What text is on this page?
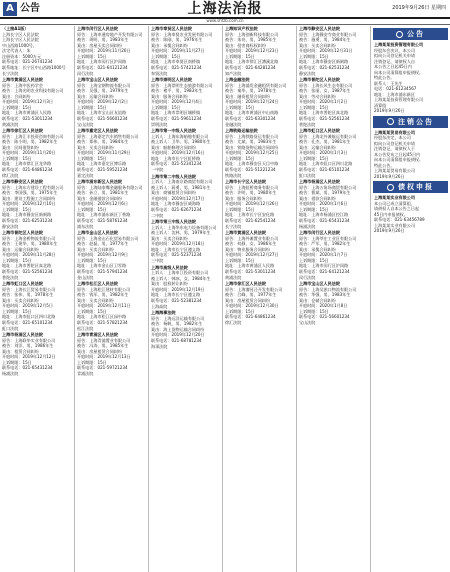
A 公告	上海法治报	2019年9月26日 星期四
www.shfzb.com.cn
（上接A1版）
上海长宁区人民法院
上海长宁区人民法院
中山西路1000号，
法定代表人：朱
注册资本：5000万元
联系电话：021-26741234
联系地址：长宁区中山西路1000号
长宁法院
上海市黄浦区人民法院
原告：上海中医药学会
被告：上海光明农业科技有限公司
案由：合同纠纷
开庭时间：2019年12月3日
上诉期限：15日
地址：上海市黄浦区人民路
联系电话：021-53011234
黄浦法院
上海市徐汇区人民法院
原告：上海汇丰投资咨询有限公司
被告：陈小明，男，1982年生
案由：民间借贷纠纷
开庭时间：2019年11月20日
上诉期限：15日
地址：上海市徐汇区龙华路
联系电话：021-64861234
徐汇法院
上海市静安区人民法院
原告：上海东方建设工程有限公司
被告：李国强，男，1975年生
案由：建设工程施工合同纠纷
开庭时间：2019年12月10日
上诉期限：15日
地址：上海市静安区新闸路
联系电话：021-62531234
静安法院
上海市普陀区人民法院
原告：上海金桥物流有限公司
被告：王建华，男，1980年生
案由：运输合同纠纷
开庭时间：2019年11月28日
上诉期限：15日
地址：上海市普陀区真北路
联系电话：021-52561234
普陀法院
上海市虹口区人民法院
原告：上海长江贸易有限公司
被告：张伟，男，1978年生
案由：买卖合同纠纷
开庭时间：2019年12月5日
上诉期限：15日
地址：上海市虹口区四川北路
联系电话：021-65101234
虹口法院
上海市杨浦区人民法院
原告：上海联华实业有限公司
被告：刘洋，男，1986年生
案由：租赁合同纠纷
开庭时间：2019年12月12日
上诉期限：15日
联系电话：021-65431234
杨浦法院
上海市闵行区人民法院
原告：上海申通房地产开发有限公司
被告：周明，男，1983年生
案由：房屋买卖合同纠纷
开庭时间：2019年11月26日
上诉期限：15日
地址：上海市闵行区沪闵路
联系电话：021-64121234
闵行法院
上海市宝山区人民法院
原告：上海宝钢物流有限公司
被告：吴强，男，1979年生
案由：运输合同纠纷
开庭时间：2019年12月2日
上诉期限：15日
地址：上海市宝山区友谊路
联系电话：021-56601234
宝山法院
上海市嘉定区人民法院
原告：上海嘉定汽车销售有限公司
被告：郑伟，男，1984年生
案由：买卖合同纠纷
开庭时间：2019年11月29日
上诉期限：15日
地址：上海市嘉定区博乐路
联系电话：021-59521234
嘉定法院
上海市浦东新区人民法院
原告：上海陆家嘴金融服务有限公司
被告：孙立，男，1981年生
案由：金融借款合同纠纷
开庭时间：2019年12月6日
上诉期限：15日
地址：上海市浦东新区丁香路
联系电话：021-58761234
浦东法院
上海市金山区人民法院
原告：上海金山石化贸易有限公司
被告：赵磊，男，1977年生
案由：买卖合同纠纷
开庭时间：2019年12月9日
上诉期限：15日
地址：上海市金山区卫零路
联系电话：021-57941234
金山法院
上海市松江区人民法院
原告：上海松江建材有限公司
被告：钱军，男，1982年生
案由：买卖合同纠纷
开庭时间：2019年12月11日
上诉期限：15日
地址：上海市松江区园中路
联系电话：021-57821234
松江法院
上海市青浦区人民法院
原告：上海青浦置业有限公司
被告：冯涛，男，1985年生
案由：房屋租赁合同纠纷
开庭时间：2019年12月13日
上诉期限：15日
联系电话：021-59721234
青浦法院
上海市奉贤区人民法院
原告：上海奉贤农业发展有限公司
被告：陈刚，男，1976年生
案由：承揽合同纠纷
开庭时间：2019年11月27日
上诉期限：15日
地址：上海市奉贤区南桥镇
联系电话：021-57421234
奉贤法院
上海市崇明区人民法院
原告：上海崇明生态旅游有限公司
被告：褚平，男，1983年生
案由：服务合同纠纷
开庭时间：2019年12月4日
上诉期限：15日
地址：上海市崇明区城桥镇
联系电话：021-59611234
崇明法院
上海市第一中级人民法院
上诉人：上海东海船舶有限公司
被上诉人：卫华，男，1980年生
案由：船舶修理合同纠纷
开庭时间：2019年12月16日
地址：上海市长宁区虹桥路
联系电话：021-52341234
一中院
上海市第二中级人民法院
上诉人：上海南京路商贸有限公司
被上诉人：蒋勇，男，1981年生
案由：商铺租赁合同纠纷
开庭时间：2019年12月17日
地址：上海市静安区威海路
联系电话：021-62671234
二中院
上海市第三中级人民法院
上诉人：上海华东电力设备有限公司
被上诉人：沈林，男，1979年生
案由：买卖合同纠纷
开庭时间：2019年12月18日
地址：上海市长宁区遵义路
联系电话：021-52371234
三中院
上海市高级人民法院
上诉人：上海申江投资有限公司
被上诉人：韩冰，女，1984年生
案由：股权转让纠纷
开庭时间：2019年12月19日
地址：上海市长宁区遵义路
联系电话：021-52381234
上海高院
上海海事法院
原告：上海远洋运输有限公司
被告：杨帆，男，1982年生
案由：海上货物运输合同纠纷
开庭时间：2019年12月20日
联系电话：021-68781234
海事法院
上海知识产权法院
原告：上海创新科技有限公司
被告：朱亮，男，1985年生
案由：侵害商标权纠纷
开庭时间：2019年12月23日
上诉期限：15日
地址：上海市徐汇区漕溪北路
联系电话：021-64281234
知产法院
上海金融法院
原告：上海浦发金融租赁有限公司
被告：秦华，男，1978年生
案由：融资租赁合同纠纷
开庭时间：2019年12月24日
上诉期限：15日
地址：上海市黄浦区中山南路
联系电话：021-63301234
金融法院
上海铁路运输法院
原告：上海铁路货运有限公司
被告：尤斌，男，1983年生
案由：铁路货物运输合同纠纷
开庭时间：2019年12月25日
上诉期限：15日
地址：上海市静安区天目中路
联系电话：021-51221234
铁路法院
上海市长宁区人民法院
原告：上海虹桥商务有限公司
被告：许明，男，1980年生
案由：服务合同纠纷
开庭时间：2019年12月26日
上诉期限：15日
地址：上海市长宁区安化路
联系电话：021-62541234
长宁法院
上海市黄浦区人民法院
原告：上海外滩置业有限公司
被告：何静，女，1986年生
案由：物业服务合同纠纷
开庭时间：2019年12月27日
上诉期限：15日
地址：上海市黄浦区人民路
联系电话：021-53011234
黄浦法院
上海市徐汇区人民法院
原告：上海漕河泾开发有限公司
被告：吕峰，男，1977年生
案由：房屋租赁合同纠纷
开庭时间：2019年12月30日
上诉期限：15日
联系电话：021-64861234
徐汇法院
上海市静安区人民法院
原告：上海静安寺商业有限公司
被告：施勇，男，1984年生
案由：买卖合同纠纷
开庭时间：2019年12月31日
上诉期限：15日
地址：上海市静安区新闸路
联系电话：021-62531234
静安法院
上海市普陀区人民法院
原告：上海长风生态有限公司
被告：张丽，女，1987年生
案由：劳动合同纠纷
开庭时间：2020年1月2日
上诉期限：15日
地址：上海市普陀区真北路
联系电话：021-52561234
普陀法院
上海市虹口区人民法院
原告：上海北外滩航运有限公司
被告：孔杰，男，1981年生
案由：运输合同纠纷
开庭时间：2020年1月3日
上诉期限：15日
地址：上海市虹口区四川北路
联系电话：021-65101234
虹口法院
上海市杨浦区人民法院
原告：上海五角场商贸有限公司
被告：曹斌，男，1979年生
案由：借款合同纠纷
开庭时间：2020年1月6日
上诉期限：15日
地址：上海市杨浦区控江路
联系电话：021-65431234
杨浦法院
上海市闵行区人民法院
原告：上海莘庄工业区有限公司
被告：严军，男，1982年生
案由：承揽合同纠纷
开庭时间：2020年1月7日
上诉期限：15日
地址：上海市闵行区沪闵路
联系电话：021-64121234
闵行法院
上海市宝山区人民法院
原告：上海吴淞口物流有限公司
被告：华强，男，1983年生
案由：仓储合同纠纷
开庭时间：2020年1月8日
上诉期限：15日
联系电话：021-56601234
宝山法院
公告
上海某某投资管理有限公司
经股东会决议，本公司
拟向公司登记机关申请
注销登记，请债权人自
本公告之日起45日内
向本公司清算组申报债权。
特此公告。
联系人：王先生
电话：021-61234567
地址：上海市浦东新区
上海某某投资管理有限公司
清算组
2019年9月26日
注销公告
上海某某贸易有限公司
经股东决定，本公司
拟向公司登记机关申请
注销登记，请债权人于
本公告发布之日起45日内
向本公司清算组申报债权。
特此公告。
上海某某贸易有限公司
2019年9月26日
债权申报
上海某某实业有限公司
本公司已成立清算组，
请债权人自本公告之日起
45日内申报债权。
联系电话：021-63456789
上海某某实业有限公司
2019年9月26日
